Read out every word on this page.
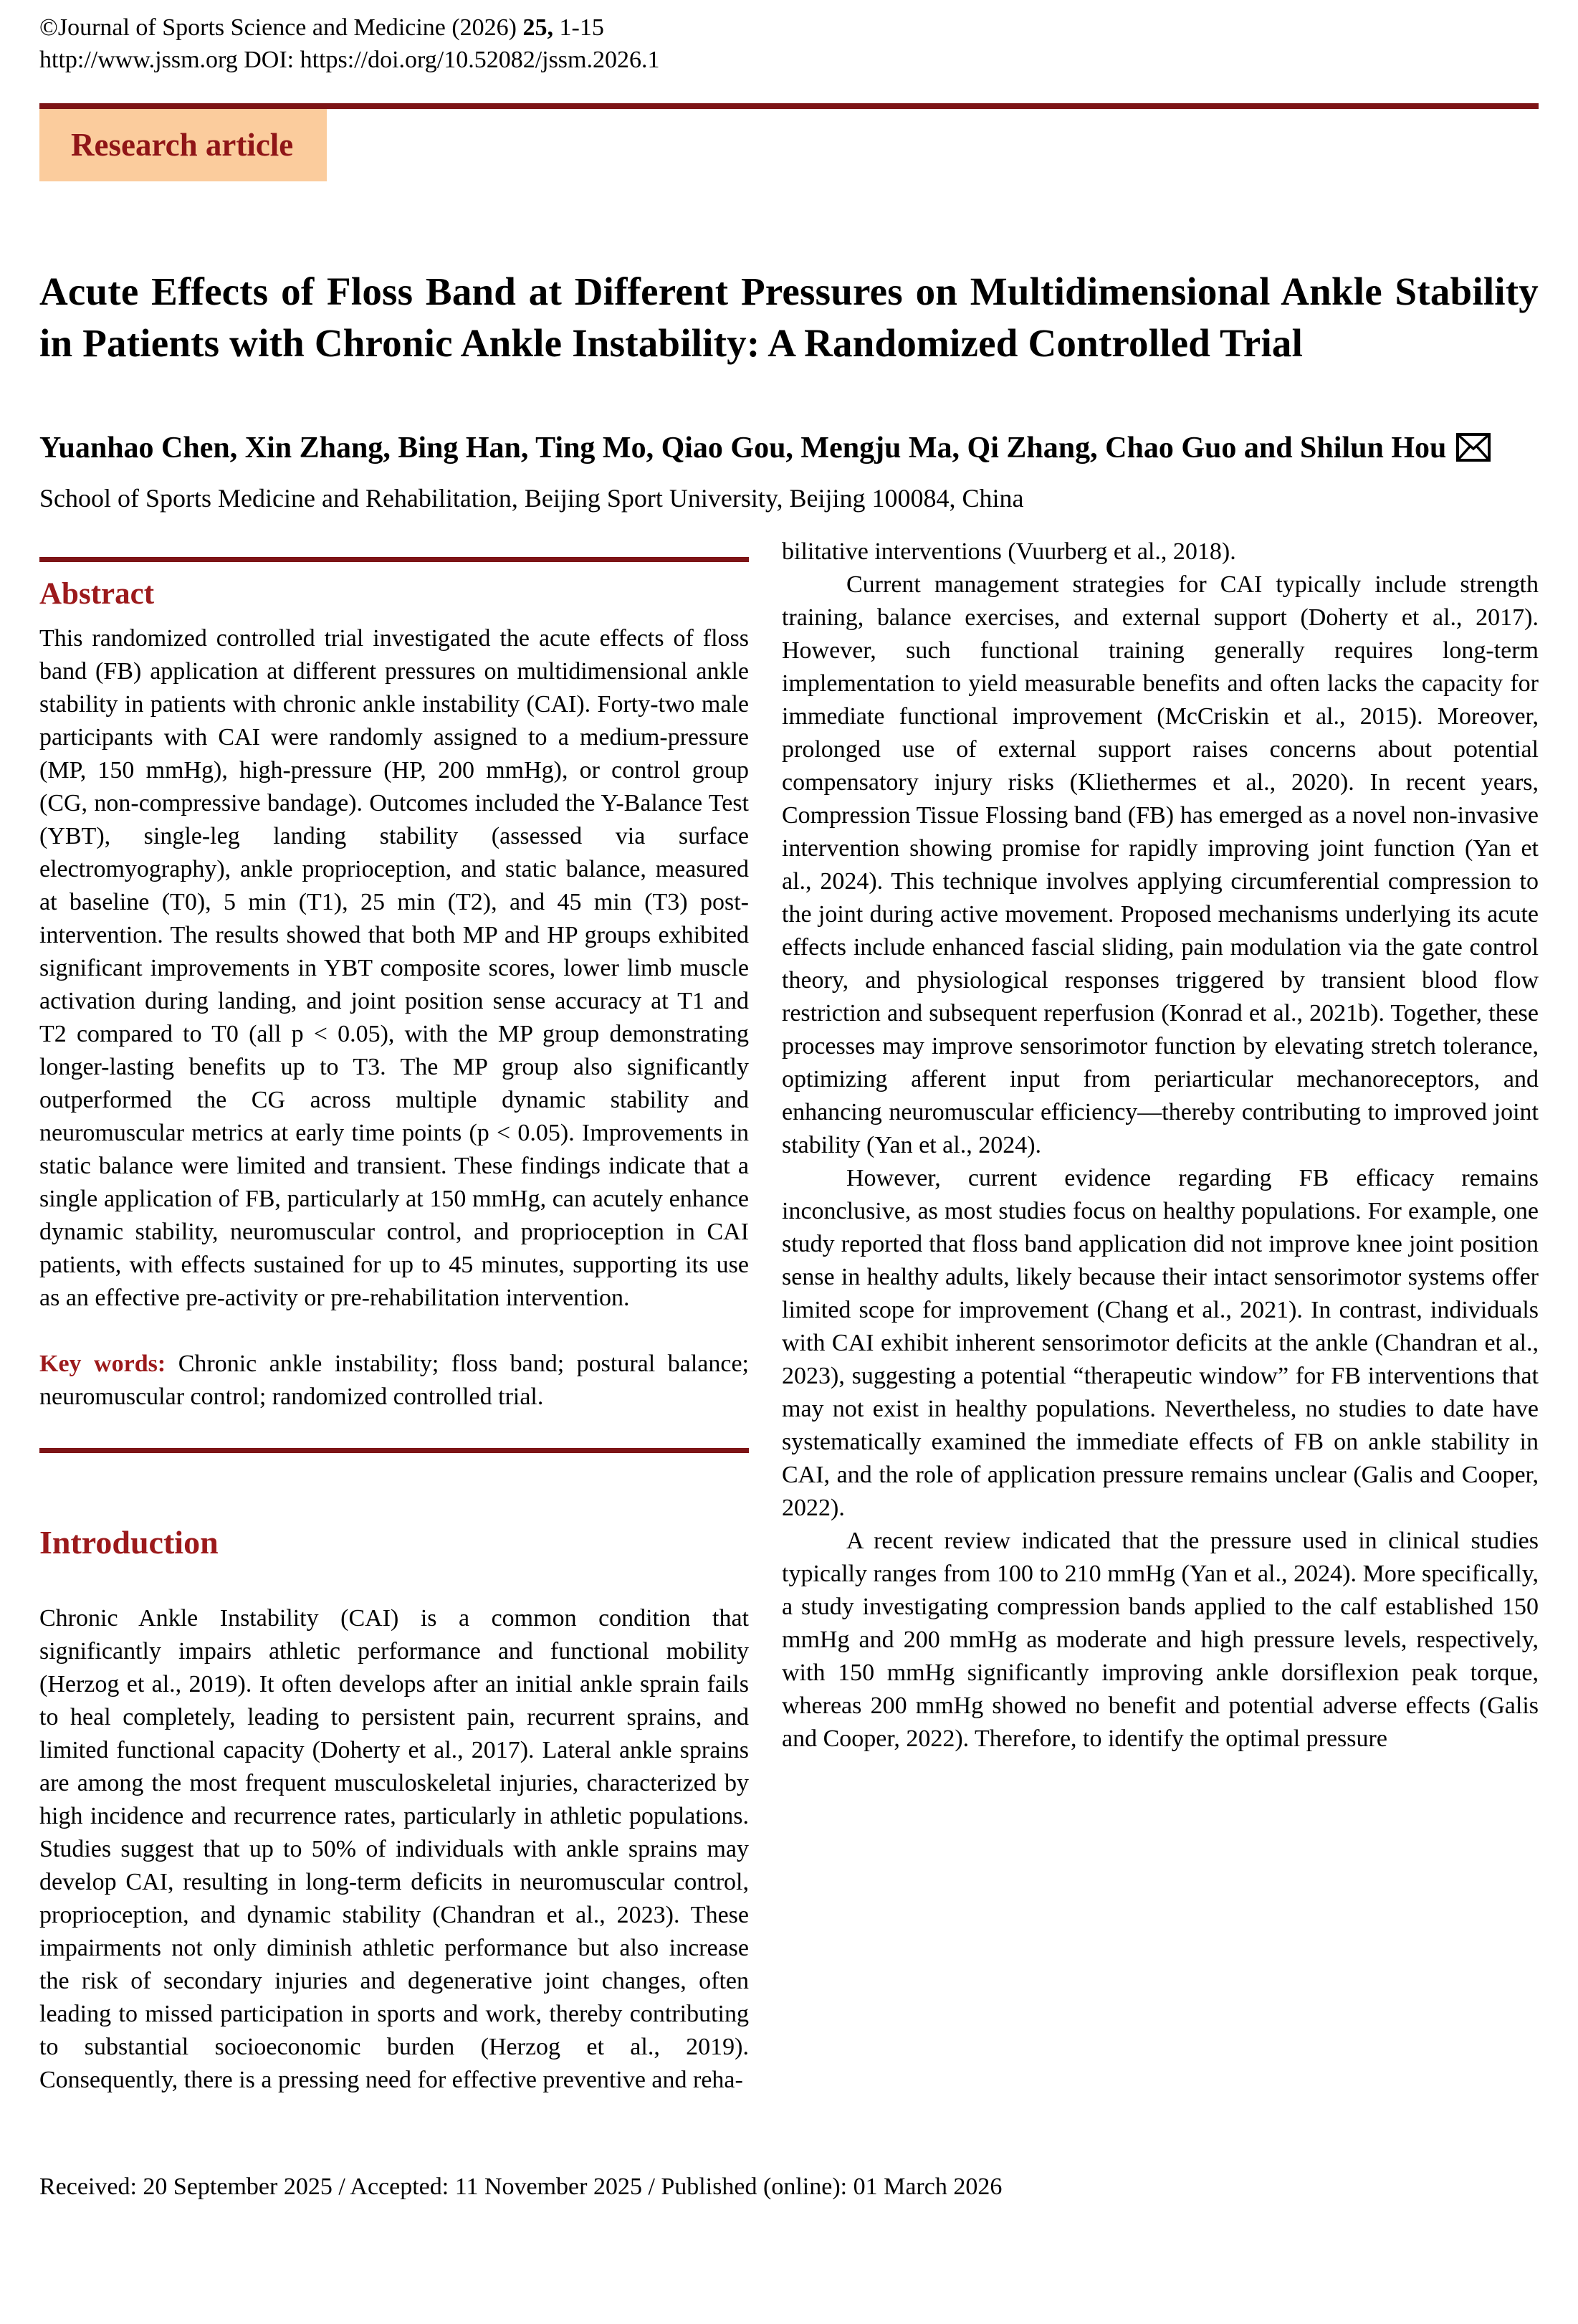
©Journal of Sports Science and Medicine (2026) 25, 1-15
http://www.jssm.org DOI: https://doi.org/10.52082/jssm.2026.1
Research article
Acute Effects of Floss Band at Different Pressures on Multidimensional Ankle Stability in Patients with Chronic Ankle Instability: A Randomized Controlled Trial
Yuanhao Chen, Xin Zhang, Bing Han, Ting Mo, Qiao Gou, Mengju Ma, Qi Zhang, Chao Guo and Shilun Hou
School of Sports Medicine and Rehabilitation, Beijing Sport University, Beijing 100084, China
Abstract

This randomized controlled trial investigated the acute effects of floss band (FB) application at different pressures on multidimensional ankle stability in patients with chronic ankle instability (CAI). Forty-two male participants with CAI were randomly assigned to a medium-pressure (MP, 150 mmHg), high-pressure (HP, 200 mmHg), or control group (CG, non-compressive bandage). Outcomes included the Y-Balance Test (YBT), single-leg landing stability (assessed via surface electromyography), ankle proprioception, and static balance, measured at baseline (T0), 5 min (T1), 25 min (T2), and 45 min (T3) post-intervention. The results showed that both MP and HP groups exhibited significant improvements in YBT composite scores, lower limb muscle activation during landing, and joint position sense accuracy at T1 and T2 compared to T0 (all p < 0.05), with the MP group demonstrating longer-lasting benefits up to T3. The MP group also significantly outperformed the CG across multiple dynamic stability and neuromuscular metrics at early time points (p < 0.05). Improvements in static balance were limited and transient. These findings indicate that a single application of FB, particularly at 150 mmHg, can acutely enhance dynamic stability, neuromuscular control, and proprioception in CAI patients, with effects sustained for up to 45 minutes, supporting its use as an effective pre-activity or pre-rehabilitation intervention.

Key words: Chronic ankle instability; floss band; postural balance; neuromuscular control; randomized controlled trial.

Introduction

Chronic Ankle Instability (CAI) is a common condition that significantly impairs athletic performance and functional mobility (Herzog et al., 2019). It often develops after an initial ankle sprain fails to heal completely, leading to persistent pain, recurrent sprains, and limited functional capacity (Doherty et al., 2017). Lateral ankle sprains are among the most frequent musculoskeletal injuries, characterized by high incidence and recurrence rates, particularly in athletic populations. Studies suggest that up to 50% of individuals with ankle sprains may develop CAI, resulting in long-term deficits in neuromuscular control, proprioception, and dynamic stability (Chandran et al., 2023). These impairments not only diminish athletic performance but also increase the risk of secondary injuries and degenerative joint changes, often leading to missed participation in sports and work, thereby contributing to substantial socioeconomic burden (Herzog et al., 2019). Consequently, there is a pressing need for effective preventive and reha-

bilitative interventions (Vuurberg et al., 2018).

Current management strategies for CAI typically include strength training, balance exercises, and external support (Doherty et al., 2017). However, such functional training generally requires long-term implementation to yield measurable benefits and often lacks the capacity for immediate functional improvement (McCriskin et al., 2015). Moreover, prolonged use of external support raises concerns about potential compensatory injury risks (Kliethermes et al., 2020). In recent years, Compression Tissue Flossing band (FB) has emerged as a novel non-invasive intervention showing promise for rapidly improving joint function (Yan et al., 2024). This technique involves applying circumferential compression to the joint during active movement. Proposed mechanisms underlying its acute effects include enhanced fascial sliding, pain modulation via the gate control theory, and physiological responses triggered by transient blood flow restriction and subsequent reperfusion (Konrad et al., 2021b). Together, these processes may improve sensorimotor function by elevating stretch tolerance, optimizing afferent input from periarticular mechanoreceptors, and enhancing neuromuscular efficiency—thereby contributing to improved joint stability (Yan et al., 2024).

However, current evidence regarding FB efficacy remains inconclusive, as most studies focus on healthy populations. For example, one study reported that floss band application did not improve knee joint position sense in healthy adults, likely because their intact sensorimotor systems offer limited scope for improvement (Chang et al., 2021). In contrast, individuals with CAI exhibit inherent sensorimotor deficits at the ankle (Chandran et al., 2023), suggesting a potential “therapeutic window” for FB interventions that may not exist in healthy populations. Nevertheless, no studies to date have systematically examined the immediate effects of FB on ankle stability in CAI, and the role of application pressure remains unclear (Galis and Cooper, 2022).

A recent review indicated that the pressure used in clinical studies typically ranges from 100 to 210 mmHg (Yan et al., 2024). More specifically, a study investigating compression bands applied to the calf established 150 mmHg and 200 mmHg as moderate and high pressure levels, respectively, with 150 mmHg significantly improving ankle dorsiflexion peak torque, whereas 200 mmHg showed no benefit and potential adverse effects (Galis and Cooper, 2022). Therefore, to identify the optimal pressure

Received: 20 September 2025 / Accepted: 11 November 2025 / Published (online): 01 March 2026
